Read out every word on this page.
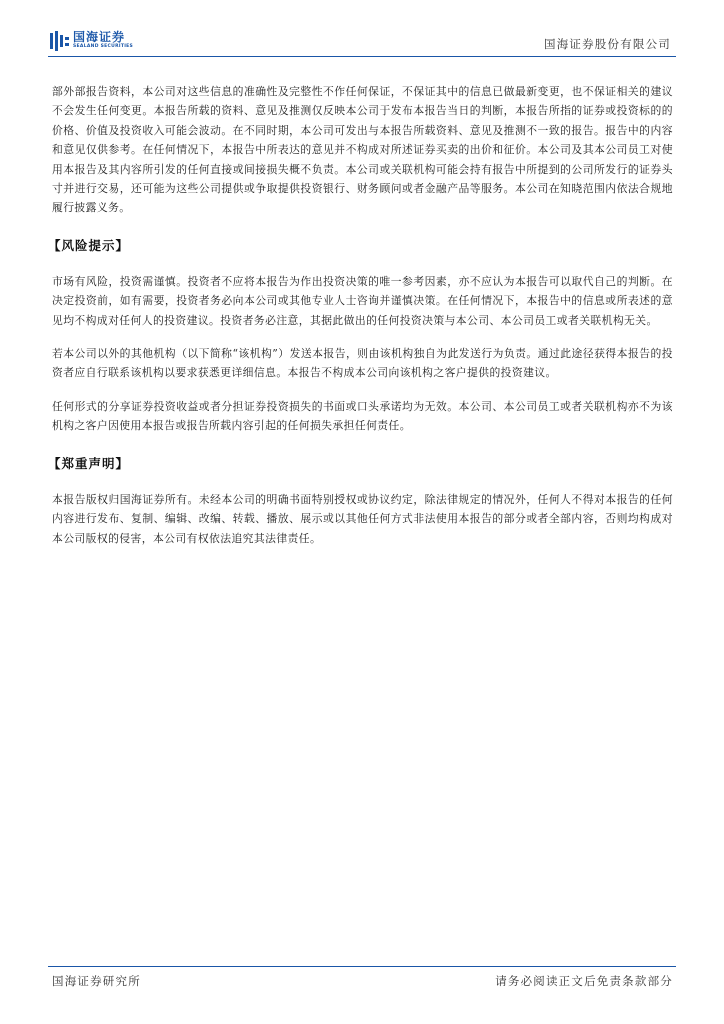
国海证券
SEALAND SECURITIES	国海证券股份有限公司

部外部报告资料，本公司对这些信息的准确性及完整性不作任何保证，不保证其中的信息已做最新变更，也不保证相关的建议不会发生任何变更。本报告所载的资料、意见及推测仅反映本公司于发布本报告当日的判断，本报告所指的证券或投资标的的价格、价值及投资收入可能会波动。在不同时期，本公司可发出与本报告所载资料、意见及推测不一致的报告。报告中的内容和意见仅供参考。在任何情况下，本报告中所表达的意见并不构成对所述证券买卖的出价和征价。本公司及其本公司员工对使用本报告及其内容所引发的任何直接或间接损失概不负责。本公司或关联机构可能会持有报告中所提到的公司所发行的证券头寸并进行交易，还可能为这些公司提供或争取提供投资银行、财务顾问或者金融产品等服务。本公司在知晓范围内依法合规地履行披露义务。

【风险提示】

市场有风险，投资需谨慎。投资者不应将本报告为作出投资决策的唯一参考因素，亦不应认为本报告可以取代自己的判断。在决定投资前，如有需要，投资者务必向本公司或其他专业人士咨询并谨慎决策。在任何情况下，本报告中的信息或所表述的意见均不构成对任何人的投资建议。投资者务必注意，其据此做出的任何投资决策与本公司、本公司员工或者关联机构无关。

若本公司以外的其他机构（以下简称“该机构”）发送本报告，则由该机构独自为此发送行为负责。通过此途径获得本报告的投资者应自行联系该机构以要求获悉更详细信息。本报告不构成本公司向该机构之客户提供的投资建议。

任何形式的分享证券投资收益或者分担证券投资损失的书面或口头承诺均为无效。本公司、本公司员工或者关联机构亦不为该机构之客户因使用本报告或报告所载内容引起的任何损失承担任何责任。

【郑重声明】

本报告版权归国海证券所有。未经本公司的明确书面特别授权或协议约定，除法律规定的情况外，任何人不得对本报告的任何内容进行发布、复制、编辑、改编、转载、播放、展示或以其他任何方式非法使用本报告的部分或者全部内容，否则均构成对本公司版权的侵害，本公司有权依法追究其法律责任。

国海证券研究所	请务必阅读正文后免责条款部分
